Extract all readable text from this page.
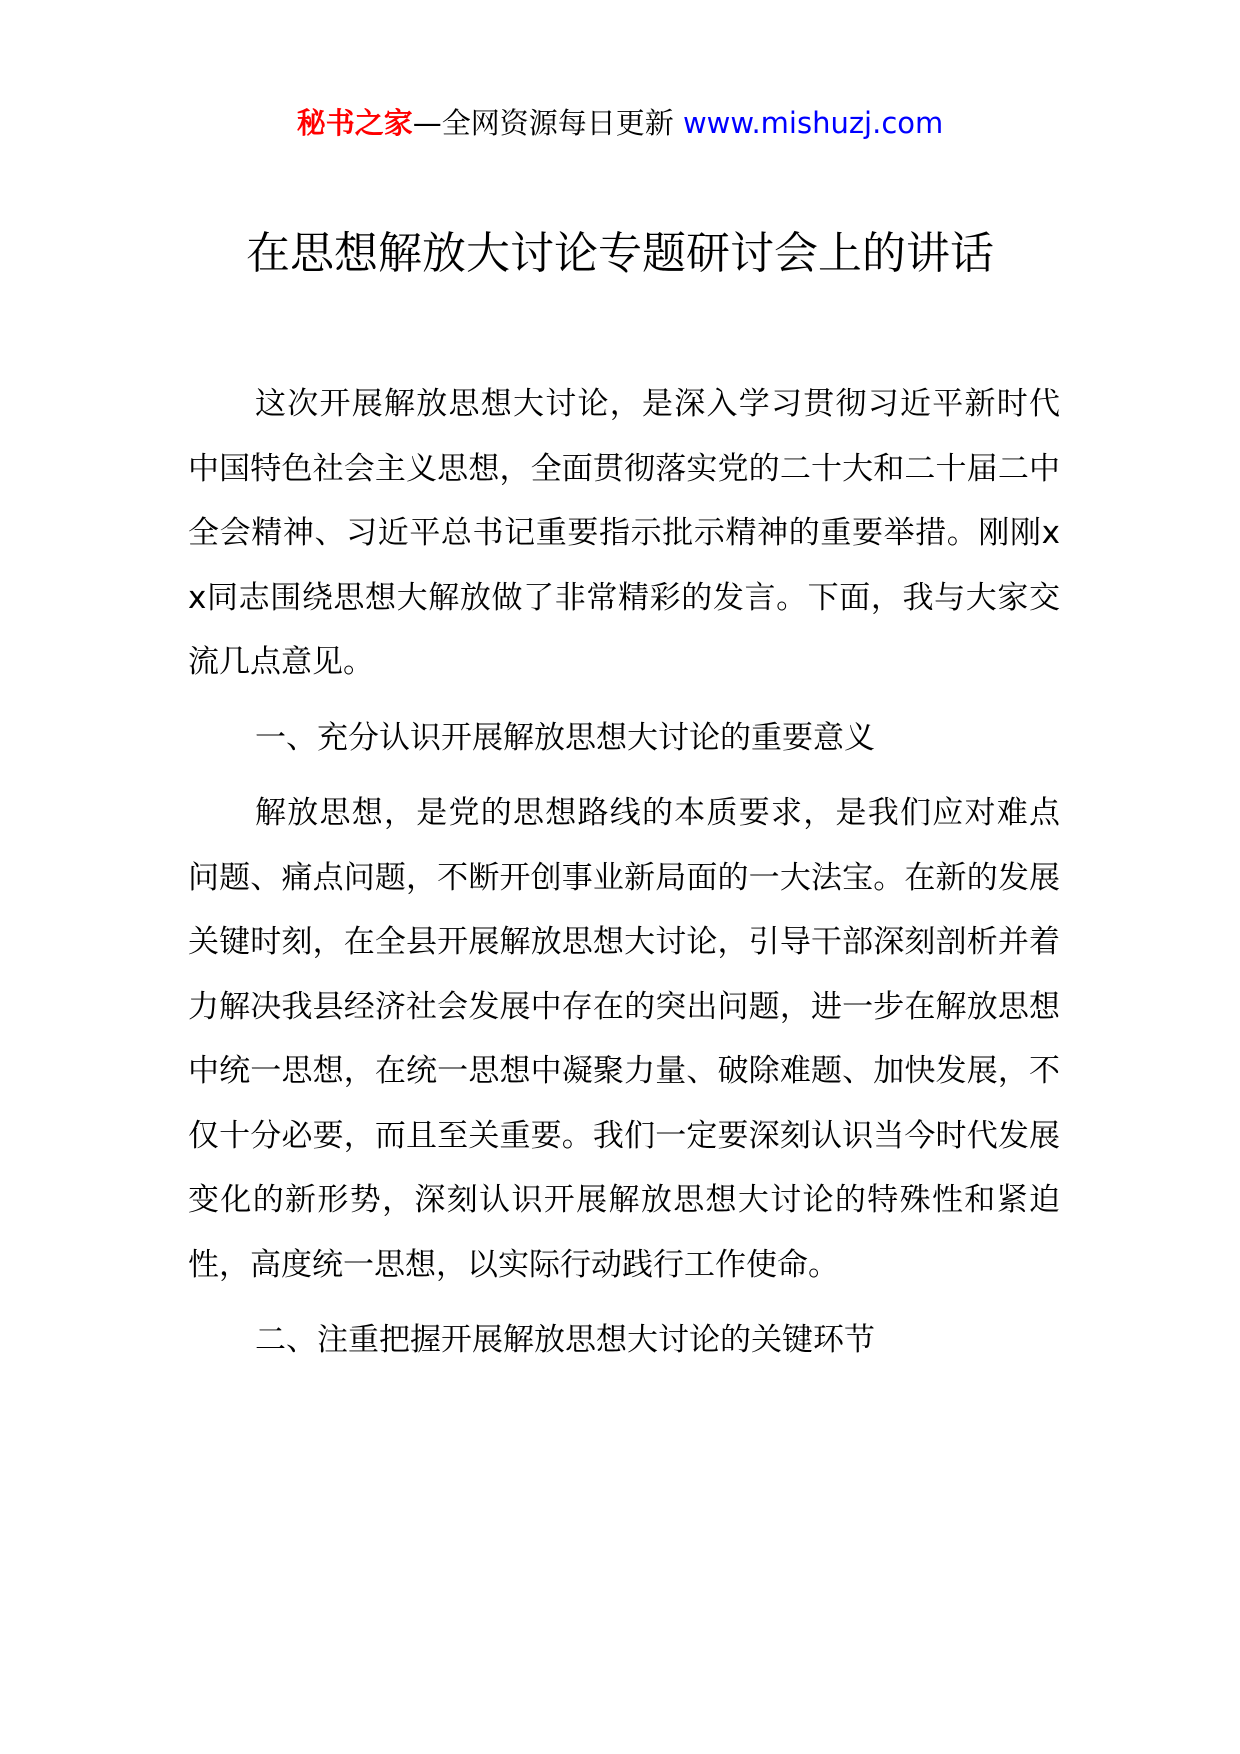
秘书之家—全网资源每日更新 www.mishuzj.com
在思想解放大讨论专题研讨会上的讲话

这次开展解放思想大讨论，是深入学习贯彻习近平新时代中国特色社会主义思想，全面贯彻落实党的二十大和二十届二中全会精神、习近平总书记重要指示批示精神的重要举措。刚刚xx同志围绕思想大解放做了非常精彩的发言。下面，我与大家交流几点意见。

一、充分认识开展解放思想大讨论的重要意义

解放思想，是党的思想路线的本质要求，是我们应对难点问题、痛点问题，不断开创事业新局面的一大法宝。在新的发展关键时刻，在全县开展解放思想大讨论，引导干部深刻剖析并着力解决我县经济社会发展中存在的突出问题，进一步在解放思想中统一思想，在统一思想中凝聚力量、破除难题、加快发展，不仅十分必要，而且至关重要。我们一定要深刻认识当今时代发展变化的新形势，深刻认识开展解放思想大讨论的特殊性和紧迫性，高度统一思想，以实际行动践行工作使命。

二、注重把握开展解放思想大讨论的关键环节
